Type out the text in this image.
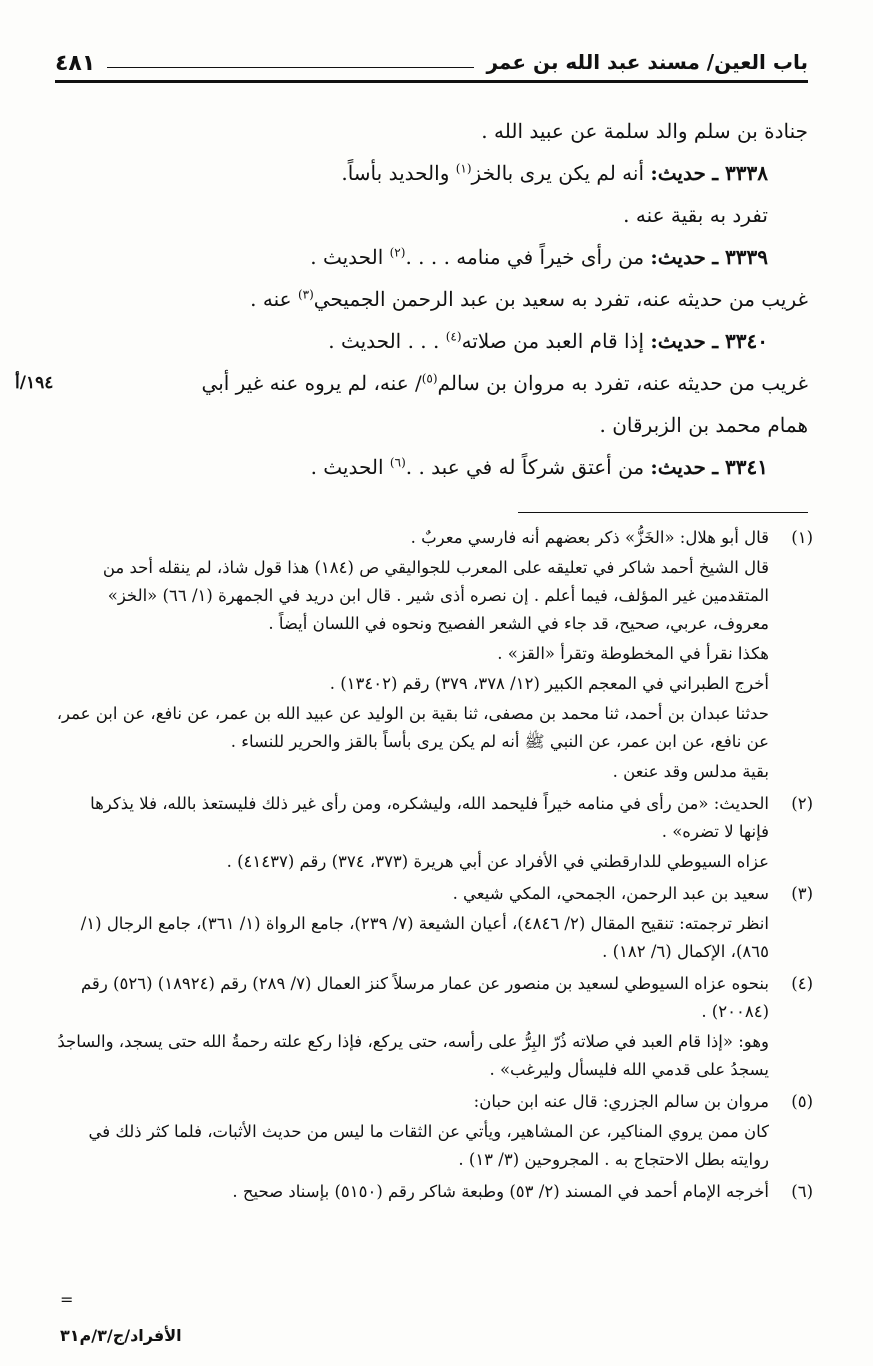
باب العين/ مسند عبد الله بن عمر
٤٨١

جنادة بن سلم والد سلمة عن عبيد الله .

٣٣٣٨ ـ حديث: أنه لم يكن يرى بالخز$^{(١)}$ والحديد بأساً.

تفرد به بقية عنه .

٣٣٣٩ ـ حديث: من رأى خيراً في منامه . . . .$^{(٢)}$ الحديث .

غريب من حديثه عنه، تفرد به سعيد بن عبد الرحمن الجميحي$^{(٣)}$ عنه .

٣٣٤٠ ـ حديث: إذا قام العبد من صلاته$^{(٤)}$ . . . الحديث .

غريب من حديثه عنه، تفرد به مروان بن سالم$^{(٥)}$/ عنه، لم يروه عنه غير أبي
١٩٤/أ

همام محمد بن الزبرقان .

٣٣٤١ ـ حديث: من أعتق شركاً له في عبد . .$^{(٦)}$ الحديث .

(١)

قال أبو هلال: «الخَزُّ» ذكر بعضهم أنه فارسي معربٌ .

قال الشيخ أحمد شاكر في تعليقه على المعرب للجواليقي ص (١٨٤) هذا قول شاذ، لم ينقله أحد من المتقدمين غير المؤلف، فيما أعلم . إن نصره أذى شير . قال ابن دريد في الجمهرة (١/ ٦٦) «الخز» معروف، عربي، صحيح، قد جاء في الشعر الفصيح ونحوه في اللسان أيضاً .

هكذا نقرأ في المخطوطة وتقرأ «القز» .

أخرج الطبراني في المعجم الكبير (١٢/ ٣٧٨، ٣٧٩) رقم (١٣٤٠٢) .

حدثنا عبدان بن أحمد، ثنا محمد بن مصفى، ثنا بقية بن الوليد عن عبيد الله بن عمر، عن نافع، عن ابن عمر، عن نافع، عن ابن عمر، عن النبي ﷺ أنه لم يكن يرى بأساً بالقز والحرير للنساء .

بقية مدلس وقد عنعن .

(٢)

الحديث: «من رأى في منامه خيراً فليحمد الله، وليشكره، ومن رأى غير ذلك فليستعذ بالله، فلا يذكرها فإنها لا تضره» .

عزاه السيوطي للدارقطني في الأفراد عن أبي هريرة (٣٧٣، ٣٧٤) رقم (٤١٤٣٧) .

(٣)

سعيد بن عبد الرحمن، الجمحي، المكي شيعي .

انظر ترجمته: تنقيح المقال (٢/ ٤٨٤٦)، أعيان الشيعة (٧/ ٢٣٩)، جامع الرواة (١/ ٣٦١)، جامع الرجال (١/ ٨٦٥)، الإكمال (٦/ ١٨٢) .

(٤)

بنحوه عزاه السيوطي لسعيد بن منصور عن عمار مرسلاً كنز العمال (٧/ ٢٨٩) رقم (١٨٩٢٤) (٥٢٦) رقم (٢٠٠٨٤) .

وهو: «إذا قام العبد في صلاته ذُرّ البِرُّ على رأسه، حتى يركع، فإذا ركع علته رحمةُ الله حتى يسجد، والساجدُ يسجدُ على قدمي الله فليسأل وليرغب» .

(٥)

مروان بن سالم الجزري: قال عنه ابن حبان:

كان ممن يروي المناكير، عن المشاهير، ويأتي عن الثقات ما ليس من حديث الأثبات، فلما كثر ذلك في روايته بطل الاحتجاج به . المجروحين (٣/ ١٣) .

(٦)

أخرجه الإمام أحمد في المسند (٢/ ٥٣) وطبعة شاكر رقم (٥١٥٠) بإسناد صحيح .

=
الأفراد/ج/٣/م٣١
